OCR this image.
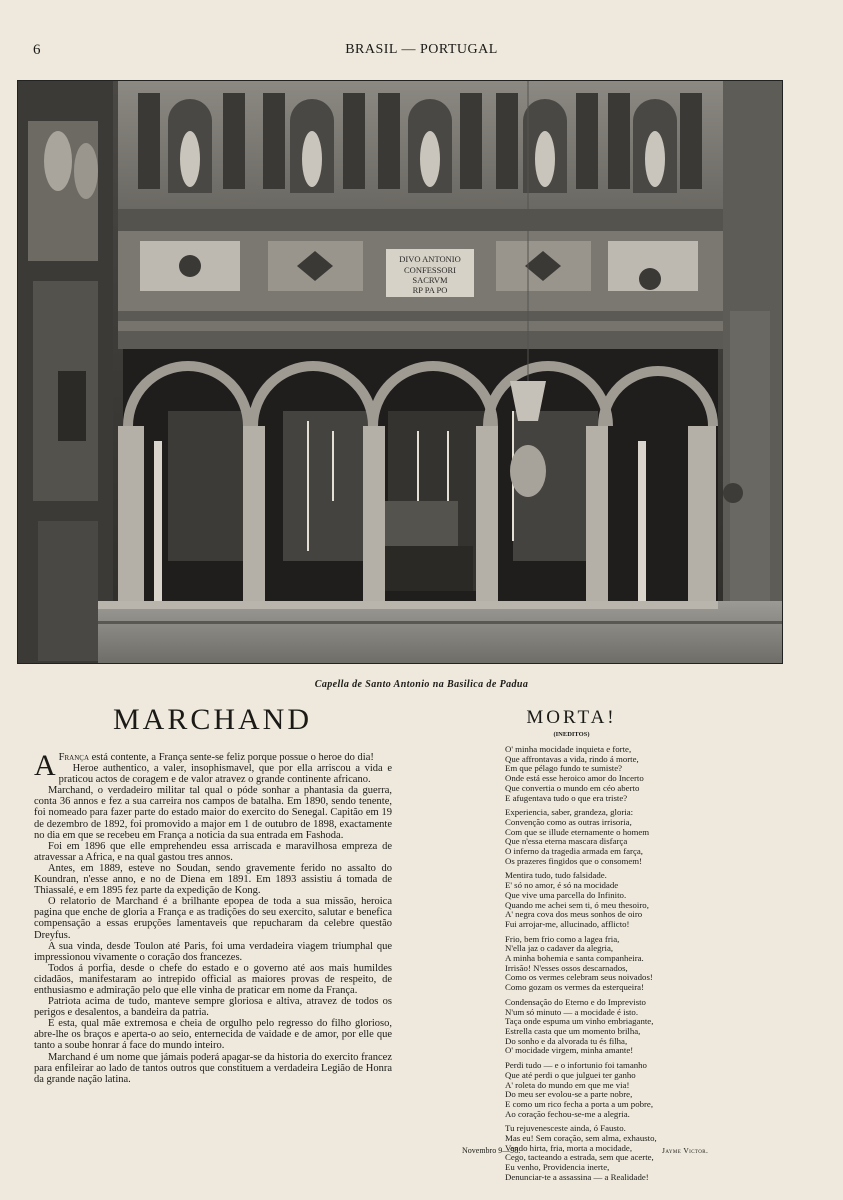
6	BRASIL — PORTUGAL
DIVO ANTONIO
CONFESSORI
SACRVM
RP PA PO
Capella de Santo Antonio na Basilica de Padua
MARCHAND

A França está contente, a França sente-se feliz porque possue o heroe do dia!

Heroe authentico, a valer, insophismavel, que por ella arriscou a vida e praticou actos de coragem e de valor atravez o grande continente africano.

Marchand, o verdadeiro militar tal qual o póde sonhar a phantasia da guerra, conta 36 annos e fez a sua carreira nos campos de batalha. Em 1890, sendo tenente, foi nomeado para fazer parte do estado maior do exercito do Senegal. Capitão em 19 de dezembro de 1892, foi promovido a major em 1 de outubro de 1898, exactamente no dia em que se recebeu em França a noticia da sua entrada em Fashoda.

Foi em 1896 que elle emprehendeu essa arriscada e maravilhosa empreza de atravessar a Africa, e na qual gastou tres annos.

Antes, em 1889, esteve no Soudan, sendo gravemente ferido no assalto do Koundran, n'esse anno, e no de Diena em 1891. Em 1893 assistiu á tomada de Thiassalé, e em 1895 fez parte da expedição de Kong.

O relatorio de Marchand é a brilhante epopea de toda a sua missão, heroica pagina que enche de gloria a França e as tradições do seu exercito, salutar e benefica compensação a essas erupções lamentaveis que repucharam da celebre questão Dreyfus.

A sua vinda, desde Toulon até Paris, foi uma verdadeira viagem triumphal que impressionou vivamente o coração dos francezes.

Todos á porfia, desde o chefe do estado e o governo até aos mais humildes cidadãos, manifestaram ao intrepido official as maiores provas de respeito, de enthusiasmo e admiração pelo que elle vinha de praticar em nome da França.

Patriota acima de tudo, manteve sempre gloriosa e altiva, atravez de todos os perigos e desalentos, a bandeira da patria.

E esta, qual mãe extremosa e cheia de orgulho pelo regresso do filho glorioso, abre-lhe os braços e aperta-o ao seio, enternecida de vaidade e de amor, por elle que tanto a soube honrar á face do mundo inteiro.

Marchand é um nome que jámais poderá apagar-se da historia do exercito francez para enfileirar ao lado de tantos outros que constituem a verdadeira Legião de Honra da grande nação latina.

MORTA!
(INEDITOS)
O' minha mocidade inquieta e forte,
Que affrontavas a vida, rindo á morte,
Em que pélago fundo te sumiste?
Onde está esse heroico amor do Incerto
Que convertia o mundo em céo aberto
E afugentava tudo o que era triste?
Experiencia, saber, grandeza, gloria:
Convenção como as outras irrisoria,
Com que se illude eternamente o homem
Que n'essa eterna mascara disfarça
O inferno da tragedia armada em farça,
Os prazeres fingidos que o consomem!
Mentira tudo, tudo falsidade.
E' só no amor, é só na mocidade
Que vive uma parcella do Infinito.
Quando me achei sem ti, ó meu thesoiro,
A' negra cova dos meus sonhos de oiro
Fui arrojar-me, allucinado, afflicto!
Frio, bem frio como a lagea fria,
N'ella jaz o cadaver da alegria,
A minha bohemia e santa companheira.
Irrisão! N'esses ossos descarnados,
Como os vermes celebram seus noivados!
Como gozam os vermes da esterqueira!
Condensação do Eterno e do Imprevisto
N'um só minuto — a mocidade é isto.
Taça onde espuma um vinho embriagante,
Estrella casta que um momento brilha,
Do sonho e da alvorada tu és filha,
O' mocidade virgem, minha amante!
Perdi tudo — e o infortunio foi tamanho
Que até perdi o que julguei ter ganho
A' roleta do mundo em que me via!
Do meu ser evolou-se a parte nobre,
E como um rico fecha a porta a um pobre,
Ao coração fechou-se-me a alegria.
Tu rejuvenesceste ainda, ó Fausto.
Mas eu! Sem coração, sem alma, exhausto,
Vendo hirta, fria, morta a mocidade,
Cego, tacteando a estrada, sem que acerte,
Eu venho, Providencia inerte,
Denunciar-te a assassina — a Realidade!
Novembro 9—98.	Jayme Victor.
